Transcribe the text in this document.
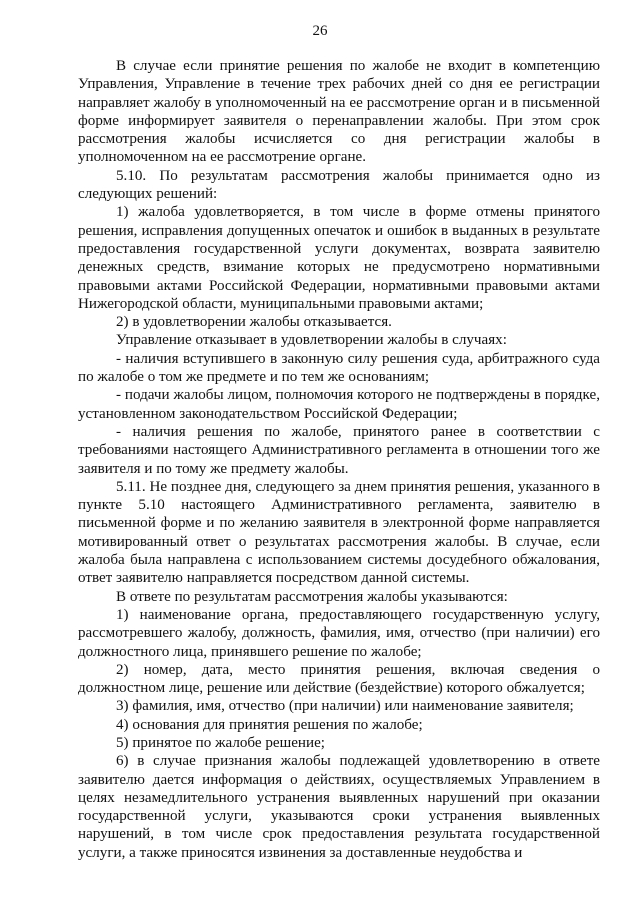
26

В случае если принятие решения по жалобе не входит в компетенцию Управления, Управление в течение трех рабочих дней со дня ее регистрации направляет жалобу в уполномоченный на ее рассмотрение орган и в письменной форме информирует заявителя о перенаправлении жалобы. При этом срок рассмотрения жалобы исчисляется со дня регистрации жалобы в уполномоченном на ее рассмотрение органе.

5.10. По результатам рассмотрения жалобы принимается одно из следующих решений:

1) жалоба удовлетворяется, в том числе в форме отмены принятого решения, исправления допущенных опечаток и ошибок в выданных в результате предоставления государственной услуги документах, возврата заявителю денежных средств, взимание которых не предусмотрено нормативными правовыми актами Российской Федерации, нормативными правовыми актами Нижегородской области, муниципальными правовыми актами;

2) в удовлетворении жалобы отказывается.

Управление отказывает в удовлетворении жалобы в случаях:

- наличия вступившего в законную силу решения суда, арбитражного суда по жалобе о том же предмете и по тем же основаниям;

- подачи жалобы лицом, полномочия которого не подтверждены в порядке, установленном законодательством Российской Федерации;

- наличия решения по жалобе, принятого ранее в соответствии с требованиями настоящего Административного регламента в отношении того же заявителя и по тому же предмету жалобы.

5.11. Не позднее дня, следующего за днем принятия решения, указанного в пункте 5.10 настоящего Административного регламента, заявителю в письменной форме и по желанию заявителя в электронной форме направляется мотивированный ответ о результатах рассмотрения жалобы. В случае, если жалоба была направлена с использованием системы досудебного обжалования, ответ заявителю направляется посредством данной системы.

В ответе по результатам рассмотрения жалобы указываются:

1) наименование органа, предоставляющего государственную услугу, рассмотревшего жалобу, должность, фамилия, имя, отчество (при наличии) его должностного лица, принявшего решение по жалобе;

2) номер, дата, место принятия решения, включая сведения о должностном лице, решение или действие (бездействие) которого обжалуется;

3) фамилия, имя, отчество (при наличии) или наименование заявителя;

4) основания для принятия решения по жалобе;

5) принятое по жалобе решение;

6) в случае признания жалобы подлежащей удовлетворению в ответе заявителю дается информация о действиях, осуществляемых Управлением в целях незамедлительного устранения выявленных нарушений при оказании государственной услуги, указываются сроки устранения выявленных нарушений, в том числе срок предоставления результата государственной услуги, а также приносятся извинения за доставленные неудобства и
